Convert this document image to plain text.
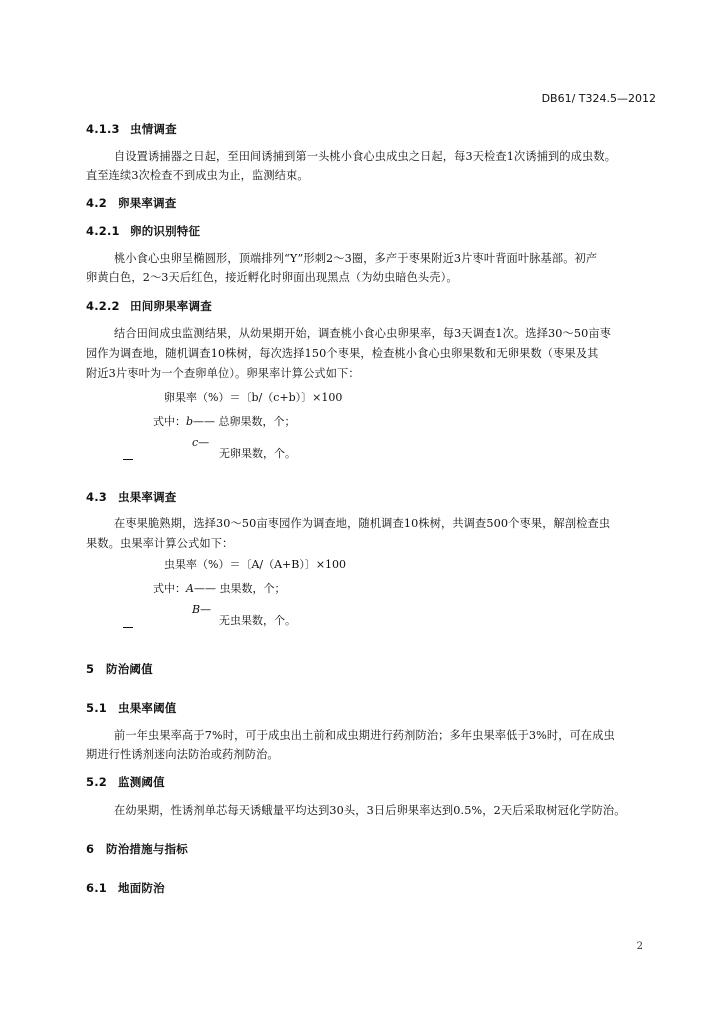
DB61/ T324.5—2012
4.1.3 虫情调查
自设置诱捕器之日起，至田间诱捕到第一头桃小食心虫成虫之日起，每3天检查1次诱捕到的成虫数。
直至连续3次检查不到成虫为止，监测结束。
4.2 卵果率调查
4.2.1 卵的识别特征
桃小食心虫卵呈椭圆形，顶端排列“Y”形刺2～3圈，多产于枣果附近3片枣叶背面叶脉基部。初产
卵黄白色，2～3天后红色，接近孵化时卵面出现黑点（为幼虫暗色头壳）。
4.2.2 田间卵果率调查
结合田间成虫监测结果，从幼果期开始，调查桃小食心虫卵果率，每3天调查1次。选择30～50亩枣
园作为调查地，随机调查10株树，每次选择150个枣果，检查桃小食心虫卵果数和无卵果数（枣果及其
附近3片枣叶为一个查卵单位）。卵果率计算公式如下：
卵果率（%）＝〔b/（c+b）〕×100
式中：b—— 总卵果数，个；
c—
无卵果数，个。
4.3 虫果率调查
在枣果脆熟期，选择30～50亩枣园作为调查地，随机调查10株树，共调查500个枣果，解剖检查虫
果数。虫果率计算公式如下：
虫果率（%）＝〔A/（A+B）〕×100
式中：A—— 虫果数，个；
B—
无虫果数，个。
5 防治阈值
5.1 虫果率阈值
前一年虫果率高于7%时，可于成虫出土前和成虫期进行药剂防治；多年虫果率低于3%时，可在成虫
期进行性诱剂迷向法防治或药剂防治。
5.2 监测阈值
在幼果期，性诱剂单芯每天诱蛾量平均达到30头，3日后卵果率达到0.5%，2天后采取树冠化学防治。
6 防治措施与指标
6.1 地面防治
2
